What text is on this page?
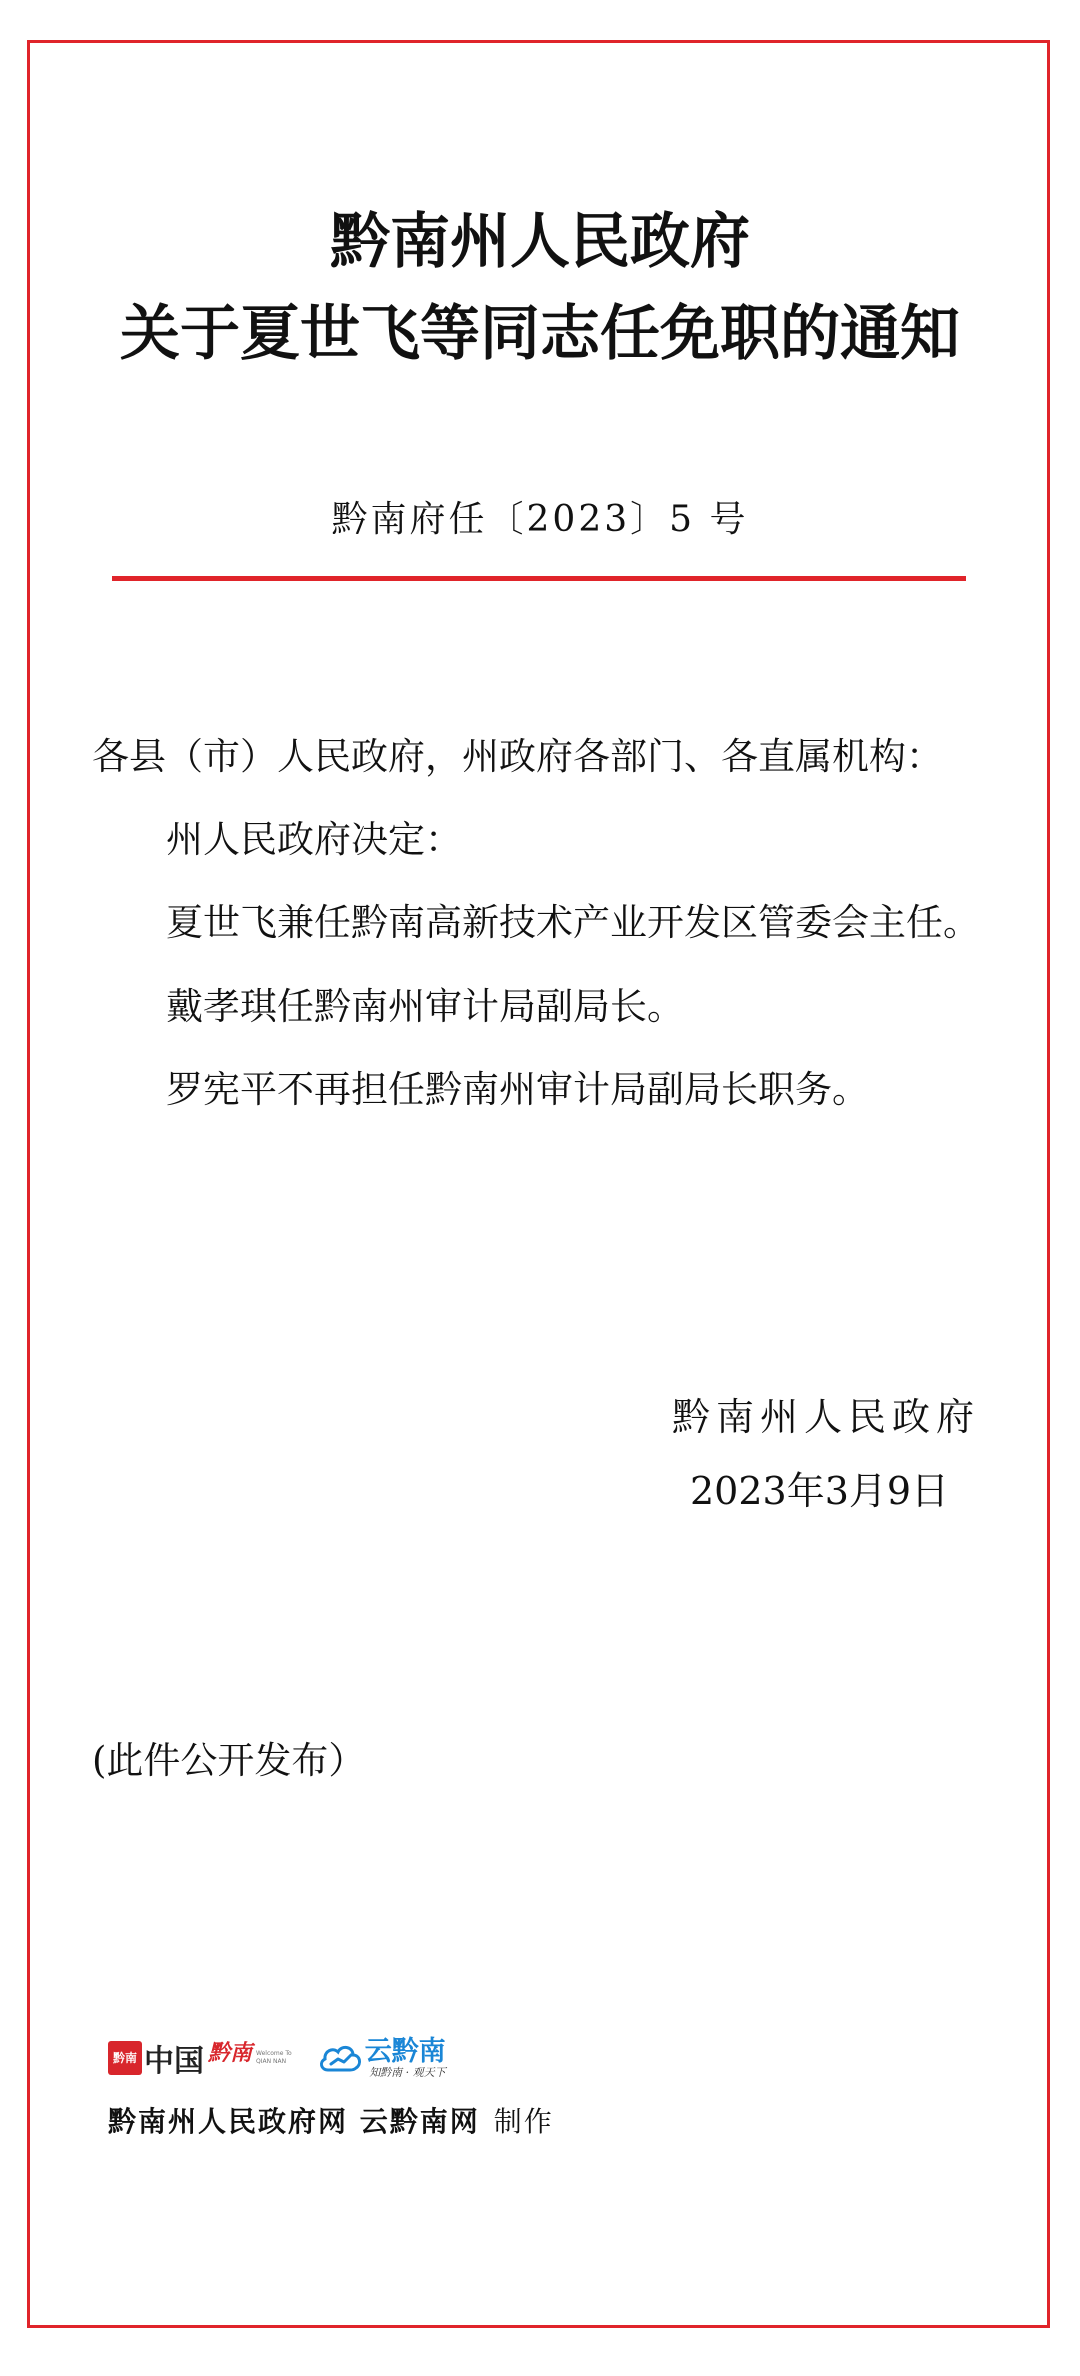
黔南州人民政府
关于夏世飞等同志任免职的通知
黔南府任〔2023〕5 号
各县（市）人民政府，州政府各部门、各直属机构：
州人民政府决定：
夏世飞兼任黔南高新技术产业开发区管委会主任。
戴孝琪任黔南州审计局副局长。
罗宪平不再担任黔南州审计局副局长职务。
黔南州人民政府
2023年3月9日
(此件公开发布）
黔南 中国 黔南 Welcome To
QIAN NAN	云黔南
知黔南 · 观天下
黔南州人民政府网 云黔南网 制作
